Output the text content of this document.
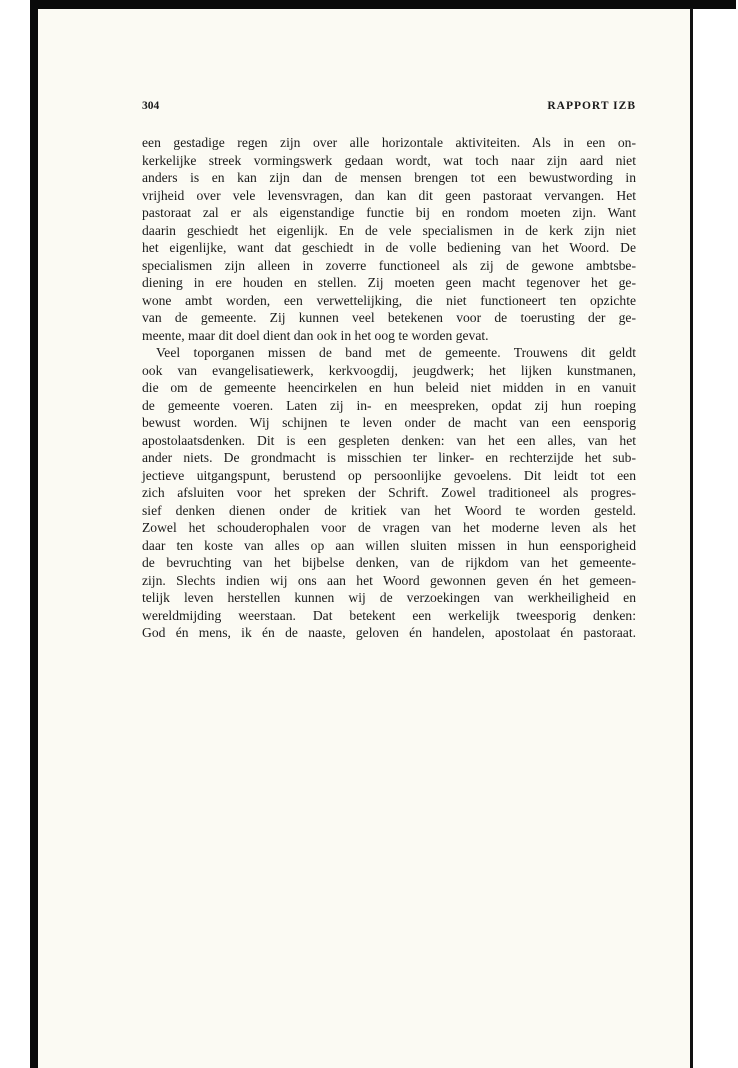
304	RAPPORT IZB
een gestadige regen zijn over alle horizontale aktiviteiten. Als in een on-
kerkelijke streek vormingswerk gedaan wordt, wat toch naar zijn aard niet
anders is en kan zijn dan de mensen brengen tot een bewustwording in
vrijheid over vele levensvragen, dan kan dit geen pastoraat vervangen. Het
pastoraat zal er als eigenstandige functie bij en rondom moeten zijn. Want
daarin geschiedt het eigenlijk. En de vele specialismen in de kerk zijn niet
het eigenlijke, want dat geschiedt in de volle bediening van het Woord. De
specialismen zijn alleen in zoverre functioneel als zij de gewone ambtsbe-
diening in ere houden en stellen. Zij moeten geen macht tegenover het ge-
wone ambt worden, een verwettelijking, die niet functioneert ten opzichte
van de gemeente. Zij kunnen veel betekenen voor de toerusting der ge-
meente, maar dit doel dient dan ook in het oog te worden gevat.
Veel toporganen missen de band met de gemeente. Trouwens dit geldt
ook van evangelisatiewerk, kerkvoogdij, jeugdwerk; het lijken kunstmanen,
die om de gemeente heencirkelen en hun beleid niet midden in en vanuit
de gemeente voeren. Laten zij in- en meespreken, opdat zij hun roeping
bewust worden. Wij schijnen te leven onder de macht van een eensporig
apostolaatsdenken. Dit is een gespleten denken: van het een alles, van het
ander niets. De grondmacht is misschien ter linker- en rechterzijde het sub-
jectieve uitgangspunt, berustend op persoonlijke gevoelens. Dit leidt tot een
zich afsluiten voor het spreken der Schrift. Zowel traditioneel als progres-
sief denken dienen onder de kritiek van het Woord te worden gesteld.
Zowel het schouderophalen voor de vragen van het moderne leven als het
daar ten koste van alles op aan willen sluiten missen in hun eensporigheid
de bevruchting van het bijbelse denken, van de rijkdom van het gemeente-
zijn. Slechts indien wij ons aan het Woord gewonnen geven én het gemeen-
telijk leven herstellen kunnen wij de verzoekingen van werkheiligheid en
wereldmijding weerstaan. Dat betekent een werkelijk tweesporig denken:
God én mens, ik én de naaste, geloven én handelen, apostolaat én pastoraat.
